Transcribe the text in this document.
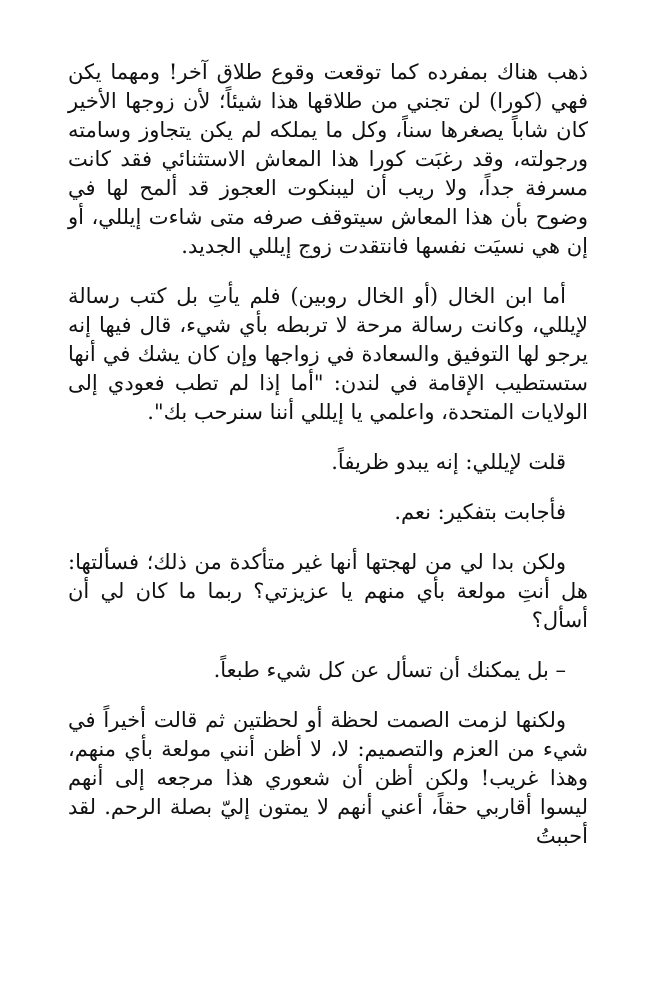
ذهب هناك بمفرده كما توقعت وقوع طلاق آخر! ومهما يكن فهي (كورا) لن تجني من طلاقها هذا شيئاً؛ لأن زوجها الأخير كان شاباً يصغرها سناً، وكل ما يملكه لم يكن يتجاوز وسامته ورجولته، وقد رغبَت كورا هذا المعاش الاستثنائي فقد كانت مسرفة جداً، ولا ريب أن ليبنكوت العجوز قد ألمح لها في وضوح بأن هذا المعاش سيتوقف صرفه متى شاءت إيللي، أو إن هي نسيَت نفسها فانتقدت زوج إيللي الجديد.

أما ابن الخال (أو الخال روبين) فلم يأتِ بل كتب رسالة لإيللي، وكانت رسالة مرحة لا تربطه بأي شيء، قال فيها إنه يرجو لها التوفيق والسعادة في زواجها وإن كان يشك في أنها ستستطيب الإقامة في لندن: "أما إذا لم تطب فعودي إلى الولايات المتحدة، واعلمي يا إيللي أننا سنرحب بك".

قلت لإيللي: إنه يبدو ظريفاً.

فأجابت بتفكير: نعم.

ولكن بدا لي من لهجتها أنها غير متأكدة من ذلك؛ فسألتها: هل أنتِ مولعة بأي منهم يا عزيزتي؟ ربما ما كان لي أن أسأل؟

– بل يمكنك أن تسأل عن كل شيء طبعاً.

ولكنها لزمت الصمت لحظة أو لحظتين ثم قالت أخيراً في شيء من العزم والتصميم: لا، لا أظن أنني مولعة بأي منهم، وهذا غريب! ولكن أظن أن شعوري هذا مرجعه إلى أنهم ليسوا أقاربي حقاً، أعني أنهم لا يمتون إليّ بصلة الرحم. لقد أحببتُ
